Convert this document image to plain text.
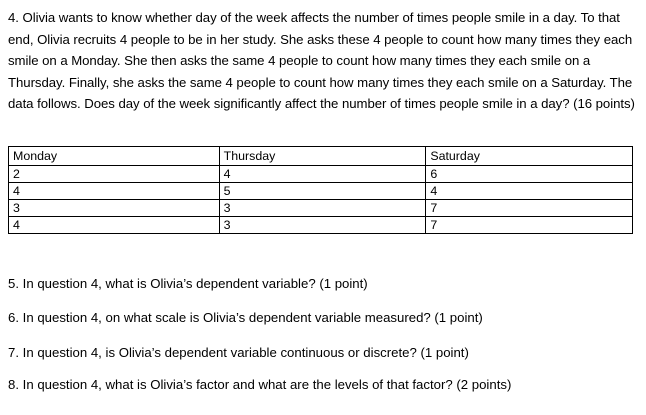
4. Olivia wants to know whether day of the week affects the number of times people smile in a day. To that end, Olivia recruits 4 people to be in her study. She asks these 4 people to count how many times they each smile on a Monday. She then asks the same 4 people to count how many times they each smile on a Thursday. Finally, she asks the same 4 people to count how many times they each smile on a Saturday. The data follows. Does day of the week significantly affect the number of times people smile in a day? (16 points)

Monday	Thursday	Saturday
2	4	6
4	5	4
3	3	7
4	3	7
5. In question 4, what is Olivia’s dependent variable? (1 point)
6. In question 4, on what scale is Olivia’s dependent variable measured? (1 point)
7. In question 4, is Olivia’s dependent variable continuous or discrete? (1 point)
8. In question 4, what is Olivia’s factor and what are the levels of that factor? (2 points)
